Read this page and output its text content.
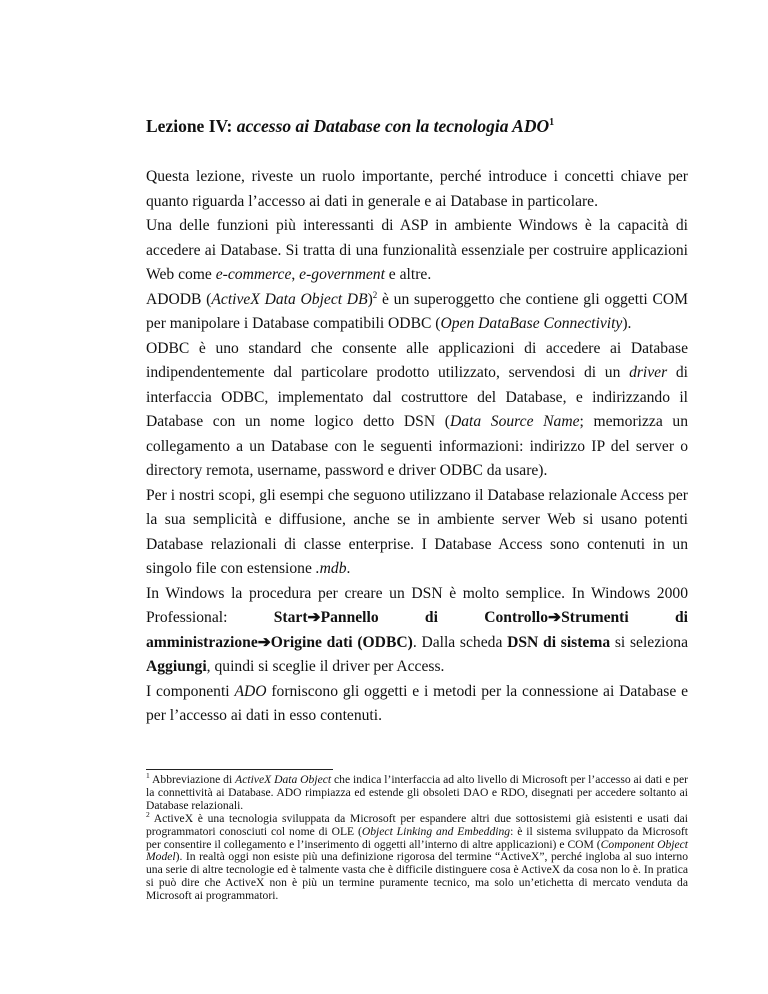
Lezione IV: accesso ai Database con la tecnologia ADO$^1$

Questa lezione, riveste un ruolo importante, perché introduce i concetti chiave per quanto riguarda l’accesso ai dati in generale e ai Database in particolare.

Una delle funzioni più interessanti di ASP in ambiente Windows è la capacità di accedere ai Database. Si tratta di una funzionalità essenziale per costruire applicazioni Web come e-commerce, e-government e altre.

ADODB (ActiveX Data Object DB)$^2$ è un superoggetto che contiene gli oggetti COM per manipolare i Database compatibili ODBC (Open DataBase Connectivity).

ODBC è uno standard che consente alle applicazioni di accedere ai Database indipendentemente dal particolare prodotto utilizzato, servendosi di un driver di interfaccia ODBC, implementato dal costruttore del Database, e indirizzando il Database con un nome logico detto DSN (Data Source Name; memorizza un collegamento a un Database con le seguenti informazioni: indirizzo IP del server o directory remota, username, password e driver ODBC da usare).

Per i nostri scopi, gli esempi che seguono utilizzano il Database relazionale Access per la sua semplicità e diffusione, anche se in ambiente server Web si usano potenti Database relazionali di classe enterprise. I Database Access sono contenuti in un singolo file con estensione .mdb.

In Windows la procedura per creare un DSN è molto semplice. In Windows 2000 Professional: Start➔Pannello di Controllo➔Strumenti di amministrazione➔Origine dati (ODBC). Dalla scheda DSN di sistema si seleziona Aggiungi, quindi si sceglie il driver per Access.

I componenti ADO forniscono gli oggetti e i metodi per la connessione ai Database e per l’accesso ai dati in esso contenuti.

$^1$ Abbreviazione di ActiveX Data Object che indica l’interfaccia ad alto livello di Microsoft per l’accesso ai dati e per la connettività ai Database. ADO rimpiazza ed estende gli obsoleti DAO e RDO, disegnati per accedere soltanto ai Database relazionali.

$^2$ ActiveX è una tecnologia sviluppata da Microsoft per espandere altri due sottosistemi già esistenti e usati dai programmatori conosciuti col nome di OLE (Object Linking and Embedding: è il sistema sviluppato da Microsoft per consentire il collegamento e l’inserimento di oggetti all’interno di altre applicazioni) e COM (Component Object Model). In realtà oggi non esiste più una definizione rigorosa del termine “ActiveX”, perché ingloba al suo interno una serie di altre tecnologie ed è talmente vasta che è difficile distinguere cosa è ActiveX da cosa non lo è. In pratica si può dire che ActiveX non è più un termine puramente tecnico, ma solo un’etichetta di mercato venduta da Microsoft ai programmatori.
